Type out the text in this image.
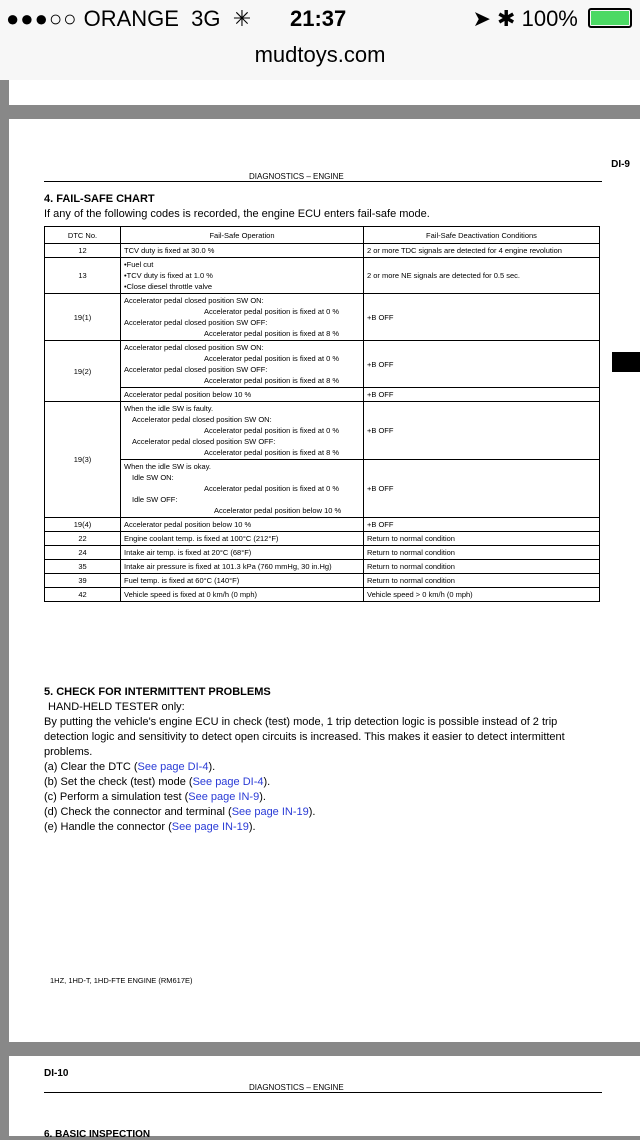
●●●○○ ORANGE 3G ✳ 21:37	➤ ✱ 100%
mudtoys.com
DI-9
DIAGNOSTICS – ENGINE
4. FAIL-SAFE CHART
If any of the following codes is recorded, the engine ECU enters fail-safe mode.
DTC No.	Fail-Safe Operation	Fail-Safe Deactivation Conditions
12	TCV duty is fixed at 30.0 %	2 or more TDC signals are detected for 4 engine revolution
13	•Fuel cut
•TCV duty is fixed at 1.0 %
•Close diesel throttle valve	2 or more NE signals are detected for 0.5 sec.
19(1)	Accelerator pedal closed position SW ON:
Accelerator pedal position is fixed at 0 %
Accelerator pedal closed position SW OFF:
Accelerator pedal position is fixed at 8 %	+B OFF
19(2)	Accelerator pedal closed position SW ON:
Accelerator pedal position is fixed at 0 %
Accelerator pedal closed position SW OFF:
Accelerator pedal position is fixed at 8 %	+B OFF
	Accelerator pedal position below 10 %	+B OFF
19(3)	When the idle SW is faulty.
Accelerator pedal closed position SW ON:
Accelerator pedal position is fixed at 0 %
Accelerator pedal closed position SW OFF:
Accelerator pedal position is fixed at 8 %	+B OFF

	When the idle SW is okay.
Idle SW ON:
Accelerator pedal position is fixed at 0 %
Idle SW OFF:
Accelerator pedal position below 10 %	+B OFF
19(4)	Accelerator pedal position below 10 %	+B OFF
22	Engine coolant temp. is fixed at 100°C (212°F)	Return to normal condition
24	Intake air temp. is fixed at 20°C (68°F)	Return to normal condition
35	Intake air pressure is fixed at 101.3 kPa (760 mmHg, 30 in.Hg)	Return to normal condition
39	Fuel temp. is fixed at 60°C (140°F)	Return to normal condition
42	Vehicle speed is fixed at 0 km/h (0 mph)	Vehicle speed > 0 km/h (0 mph)
5. CHECK FOR INTERMITTENT PROBLEMS
HAND-HELD TESTER only:
By putting the vehicle's engine ECU in check (test) mode, 1 trip detection logic is possible instead of 2 trip detection logic and sensitivity to detect open circuits is increased. This makes it easier to detect intermittent problems.
(a) Clear the DTC (See page DI-4).
(b) Set the check (test) mode (See page DI-4).
(c) Perform a simulation test (See page IN-9).
(d) Check the connector and terminal (See page IN-19).
(e) Handle the connector (See page IN-19).
1HZ, 1HD-T, 1HD-FTE ENGINE (RM617E)
DI-10
DIAGNOSTICS – ENGINE
6. BASIC INSPECTION
